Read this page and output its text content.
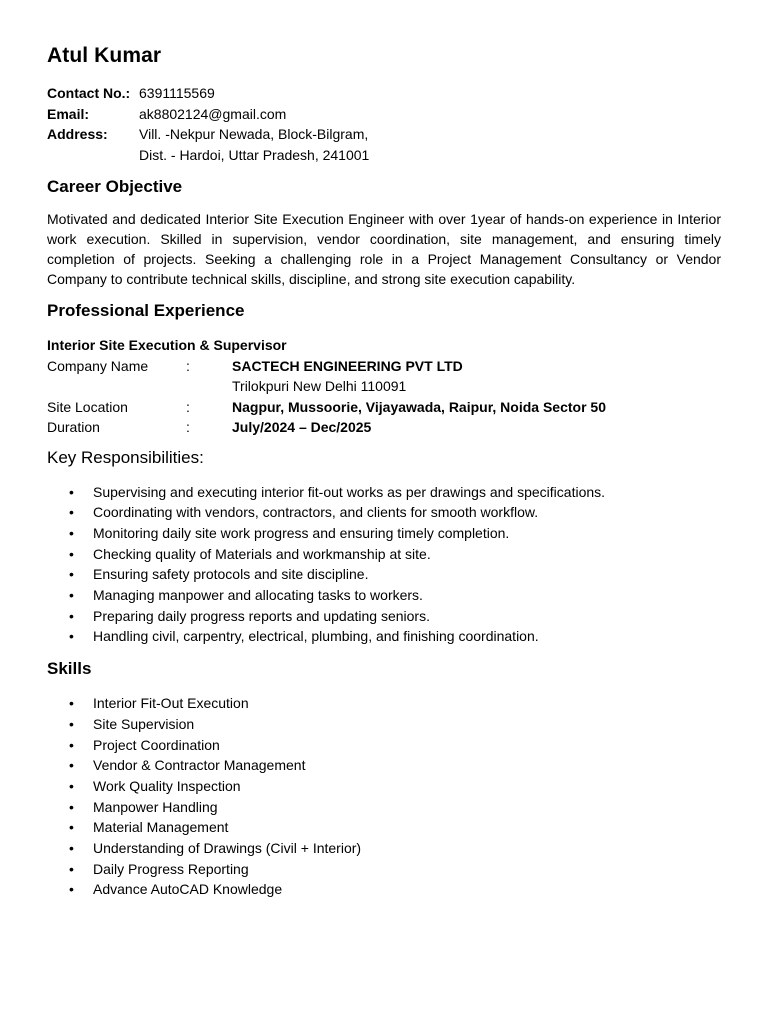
Atul Kumar
Contact No.: 6391115569
Email:	ak8802124@gmail.com
Address:	Vill. -Nekpur Newada, Block-Bilgram,
Dist. - Hardoi, Uttar Pradesh, 241001
Career Objective

Motivated and dedicated Interior Site Execution Engineer with over 1year of hands-on experience in Interior work execution. Skilled in supervision, vendor coordination, site management, and ensuring timely completion of projects. Seeking a challenging role in a Project Management Consultancy or Vendor Company to contribute technical skills, discipline, and strong site execution capability.

Professional Experience
Interior Site Execution & Supervisor
Company Name	:	SACTECH ENGINEERING PVT LTD
Trilokpuri New Delhi 110091
Site Location	:	Nagpur, Mussoorie, Vijayawada, Raipur, Noida Sector 50
Duration	:	July/2024 – Dec/2025
Key Responsibilities:
•	Supervising and executing interior fit-out works as per drawings and specifications.
•	Coordinating with vendors, contractors, and clients for smooth workflow.
•	Monitoring daily site work progress and ensuring timely completion.
•	Checking quality of Materials and workmanship at site.
•	Ensuring safety protocols and site discipline.
•	Managing manpower and allocating tasks to workers.
•	Preparing daily progress reports and updating seniors.
•	Handling civil, carpentry, electrical, plumbing, and finishing coordination.
Skills
•	Interior Fit-Out Execution
•	Site Supervision
•	Project Coordination
•	Vendor & Contractor Management
•	Work Quality Inspection
•	Manpower Handling
•	Material Management
•	Understanding of Drawings (Civil + Interior)
•	Daily Progress Reporting
•	Advance AutoCAD Knowledge
